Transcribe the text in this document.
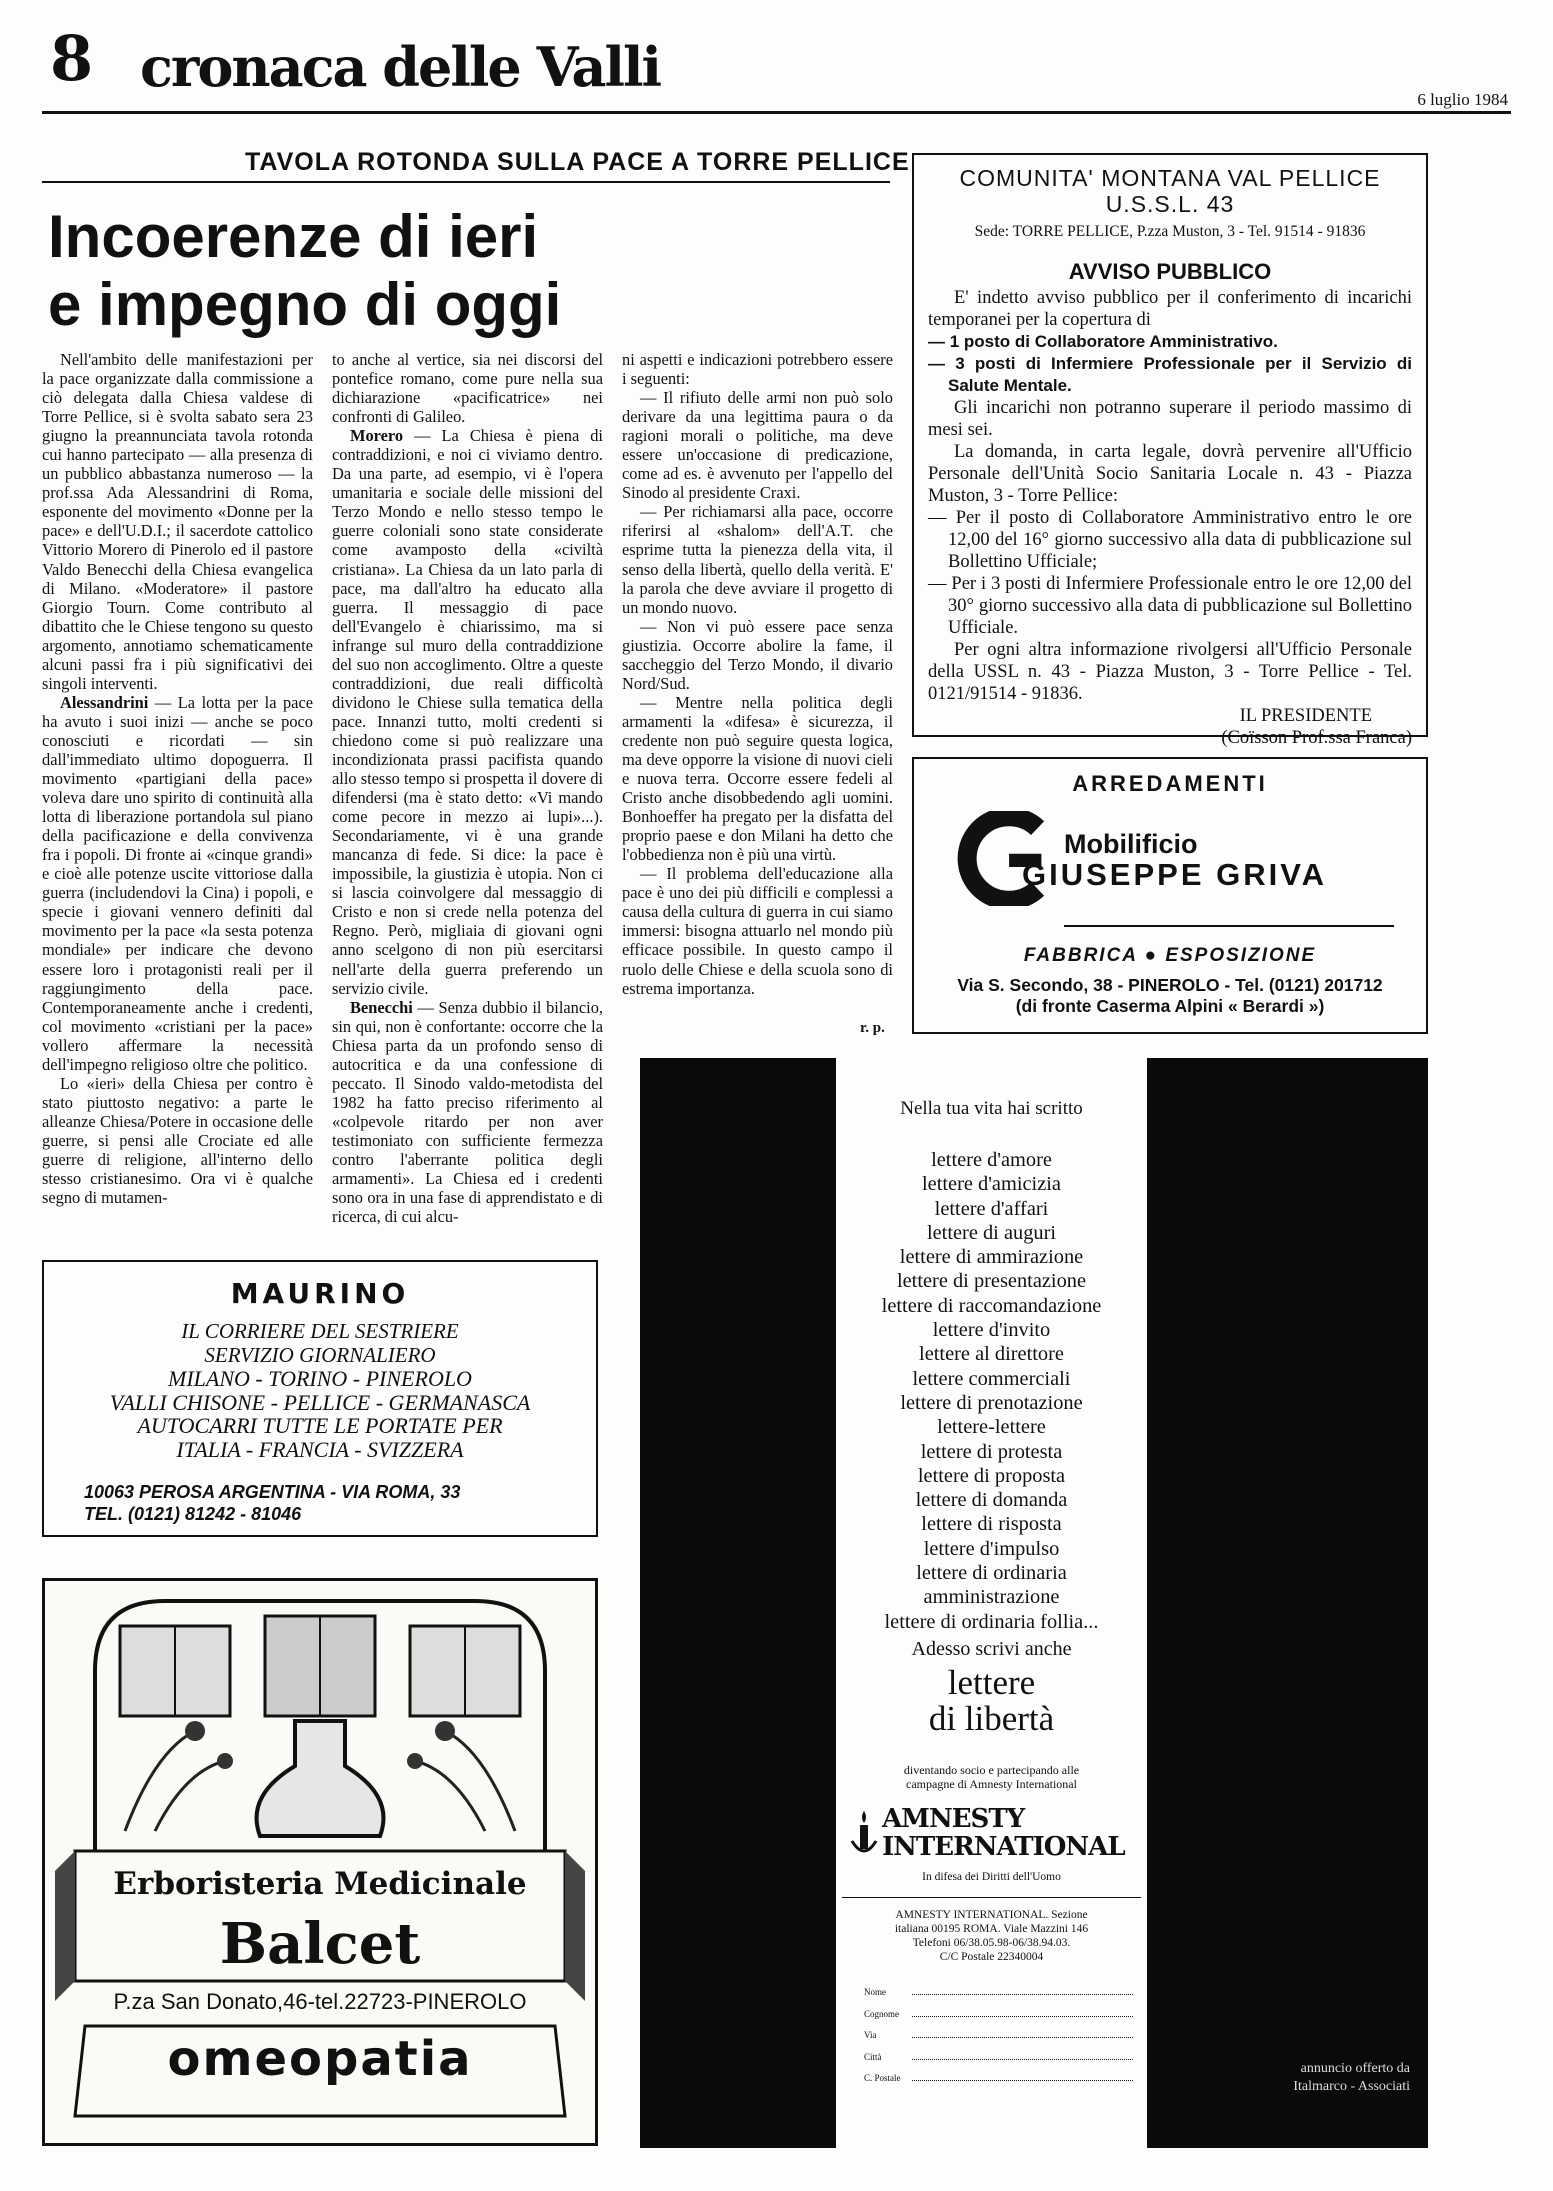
8 cronaca delle Valli
6 luglio 1984
TAVOLA ROTONDA SULLA PACE A TORRE PELLICE
Incoerenze di ieri
e impegno di oggi

Nell'ambito delle manifestazioni per la pace organizzate dalla commissione a ciò delegata dalla Chiesa valdese di Torre Pellice, si è svolta sabato sera 23 giugno la preannunciata tavola rotonda cui hanno partecipato — alla presenza di un pubblico abbastanza numeroso — la prof.ssa Ada Alessandrini di Roma, esponente del movimento «Donne per la pace» e dell'U.D.I.; il sacerdote cattolico Vittorio Morero di Pinerolo ed il pastore Valdo Benecchi della Chiesa evangelica di Milano. «Moderatore» il pastore Giorgio Tourn. Come contributo al dibattito che le Chiese tengono su questo argomento, annotiamo schematicamente alcuni passi fra i più significativi dei singoli interventi.

Alessandrini — La lotta per la pace ha avuto i suoi inizi — anche se poco conosciuti e ricordati — sin dall'immediato ultimo dopoguerra. Il movimento «partigiani della pace» voleva dare uno spirito di continuità alla lotta di liberazione portandola sul piano della pacificazione e della convivenza fra i popoli. Di fronte ai «cinque grandi» e cioè alle potenze uscite vittoriose dalla guerra (includendovi la Cina) i popoli, e specie i giovani vennero definiti dal movimento per la pace «la sesta potenza mondiale» per indicare che devono essere loro i protagonisti reali per il raggiungimento della pace. Contemporaneamente anche i credenti, col movimento «cristiani per la pace» vollero affermare la necessità dell'impegno religioso oltre che politico.

Lo «ieri» della Chiesa per contro è stato piuttosto negativo: a parte le alleanze Chiesa/Potere in occasione delle guerre, si pensi alle Crociate ed alle guerre di religione, all'interno dello stesso cristianesimo. Ora vi è qualche segno di mutamen-

to anche al vertice, sia nei discorsi del pontefice romano, come pure nella sua dichiarazione «pacificatrice» nei confronti di Galileo.

Morero — La Chiesa è piena di contraddizioni, e noi ci viviamo dentro. Da una parte, ad esempio, vi è l'opera umanitaria e sociale delle missioni del Terzo Mondo e nello stesso tempo le guerre coloniali sono state considerate come avamposto della «civiltà cristiana». La Chiesa da un lato parla di pace, ma dall'altro ha educato alla guerra. Il messaggio di pace dell'Evangelo è chiarissimo, ma si infrange sul muro della contraddizione del suo non accoglimento. Oltre a queste contraddizioni, due reali difficoltà dividono le Chiese sulla tematica della pace. Innanzi tutto, molti credenti si chiedono come si può realizzare una incondizionata prassi pacifista quando allo stesso tempo si prospetta il dovere di difendersi (ma è stato detto: «Vi mando come pecore in mezzo ai lupi»...). Secondariamente, vi è una grande mancanza di fede. Si dice: la pace è impossibile, la giustizia è utopia. Non ci si lascia coinvolgere dal messaggio di Cristo e non si crede nella potenza del Regno. Però, migliaia di giovani ogni anno scelgono di non più esercitarsi nell'arte della guerra preferendo un servizio civile.

Benecchi — Senza dubbio il bilancio, sin qui, non è confortante: occorre che la Chiesa parta da un profondo senso di autocritica e da una confessione di peccato. Il Sinodo valdo-metodista del 1982 ha fatto preciso riferimento al «colpevole ritardo per non aver testimoniato con sufficiente fermezza contro l'aberrante politica degli armamenti». La Chiesa ed i credenti sono ora in una fase di apprendistato e di ricerca, di cui alcu-

ni aspetti e indicazioni potrebbero essere i seguenti:

— Il rifiuto delle armi non può solo derivare da una legittima paura o da ragioni morali o politiche, ma deve essere un'occasione di predicazione, come ad es. è avvenuto per l'appello del Sinodo al presidente Craxi.

— Per richiamarsi alla pace, occorre riferirsi al «shalom» dell'A.T. che esprime tutta la pienezza della vita, il senso della libertà, quello della verità. E' la parola che deve avviare il progetto di un mondo nuovo.

— Non vi può essere pace senza giustizia. Occorre abolire la fame, il saccheggio del Terzo Mondo, il divario Nord/Sud.

— Mentre nella politica degli armamenti la «difesa» è sicurezza, il credente non può seguire questa logica, ma deve opporre la visione di nuovi cieli e nuova terra. Occorre essere fedeli al Cristo anche disobbedendo agli uomini. Bonhoeffer ha pregato per la disfatta del proprio paese e don Milani ha detto che l'obbedienza non è più una virtù.

— Il problema dell'educazione alla pace è uno dei più difficili e complessi a causa della cultura di guerra in cui siamo immersi: bisogna attuarlo nel mondo più efficace possibile. In questo campo il ruolo delle Chiese e della scuola sono di estrema importanza.

r. p.
COMUNITA' MONTANA VAL PELLICE
U.S.S.L. 43
Sede: TORRE PELLICE, P.zza Muston, 3 - Tel. 91514 - 91836
AVVISO PUBBLICO

E' indetto avviso pubblico per il conferimento di incarichi temporanei per la copertura di

— 1 posto di Collaboratore Amministrativo.

— 3 posti di Infermiere Professionale per il Servizio di Salute Mentale.

Gli incarichi non potranno superare il periodo massimo di mesi sei.

La domanda, in carta legale, dovrà pervenire all'Ufficio Personale dell'Unità Socio Sanitaria Locale n. 43 - Piazza Muston, 3 - Torre Pellice:

— Per il posto di Collaboratore Amministrativo entro le ore 12,00 del 16° giorno successivo alla data di pubblicazione sul Bollettino Ufficiale;

— Per i 3 posti di Infermiere Professionale entro le ore 12,00 del 30° giorno successivo alla data di pubblicazione sul Bollettino Ufficiale.

Per ogni altra informazione rivolgersi all'Ufficio Personale della USSL n. 43 - Piazza Muston, 3 - Torre Pellice - Tel. 0121/91514 - 91836.

IL PRESIDENTE
(Coïsson Prof.ssa Franca)
ARREDAMENTI
Mobilificio
GIUSEPPE GRIVA
FABBRICA ● ESPOSIZIONE
Via S. Secondo, 38 - PINEROLO - Tel. (0121) 201712
(di fronte Caserma Alpini « Berardi »)
MAURINO
IL CORRIERE DEL SESTRIERE
SERVIZIO GIORNALIERO
MILANO - TORINO - PINEROLO
VALLI CHISONE - PELLICE - GERMANASCA
AUTOCARRI TUTTE LE PORTATE PER
ITALIA - FRANCIA - SVIZZERA
10063 PEROSA ARGENTINA - VIA ROMA, 33
TEL. (0121) 81242 - 81046
Erboristeria Medicinale
Balcet
P.za San Donato,46-tel.22723-PINEROLO
omeopatia	annuncio offerto da
Italmarco - Associati
Nella tua vita hai scritto
lettere d'amore
lettere d'amicizia
lettere d'affari
lettere di auguri
lettere di ammirazione
lettere di presentazione
lettere di raccomandazione
lettere d'invito
lettere al direttore
lettere commerciali
lettere di prenotazione
lettere-lettere
lettere di protesta
lettere di proposta
lettere di domanda
lettere di risposta
lettere d'impulso
lettere di ordinaria
amministrazione
lettere di ordinaria follia...
Adesso scrivi anche
lettere
di libertà
diventando socio e partecipando alle
campagne di Amnesty International
AMNESTY
INTERNATIONAL
In difesa dei Diritti dell'Uomo
AMNESTY INTERNATIONAL. Sezione
italiana 00195 ROMA. Viale Mazzini 146
Telefoni 06/38.05.98-06/38.94.03.
C/C Postale 22340004
Nome
Cognome
Via
Città
C. Postale
